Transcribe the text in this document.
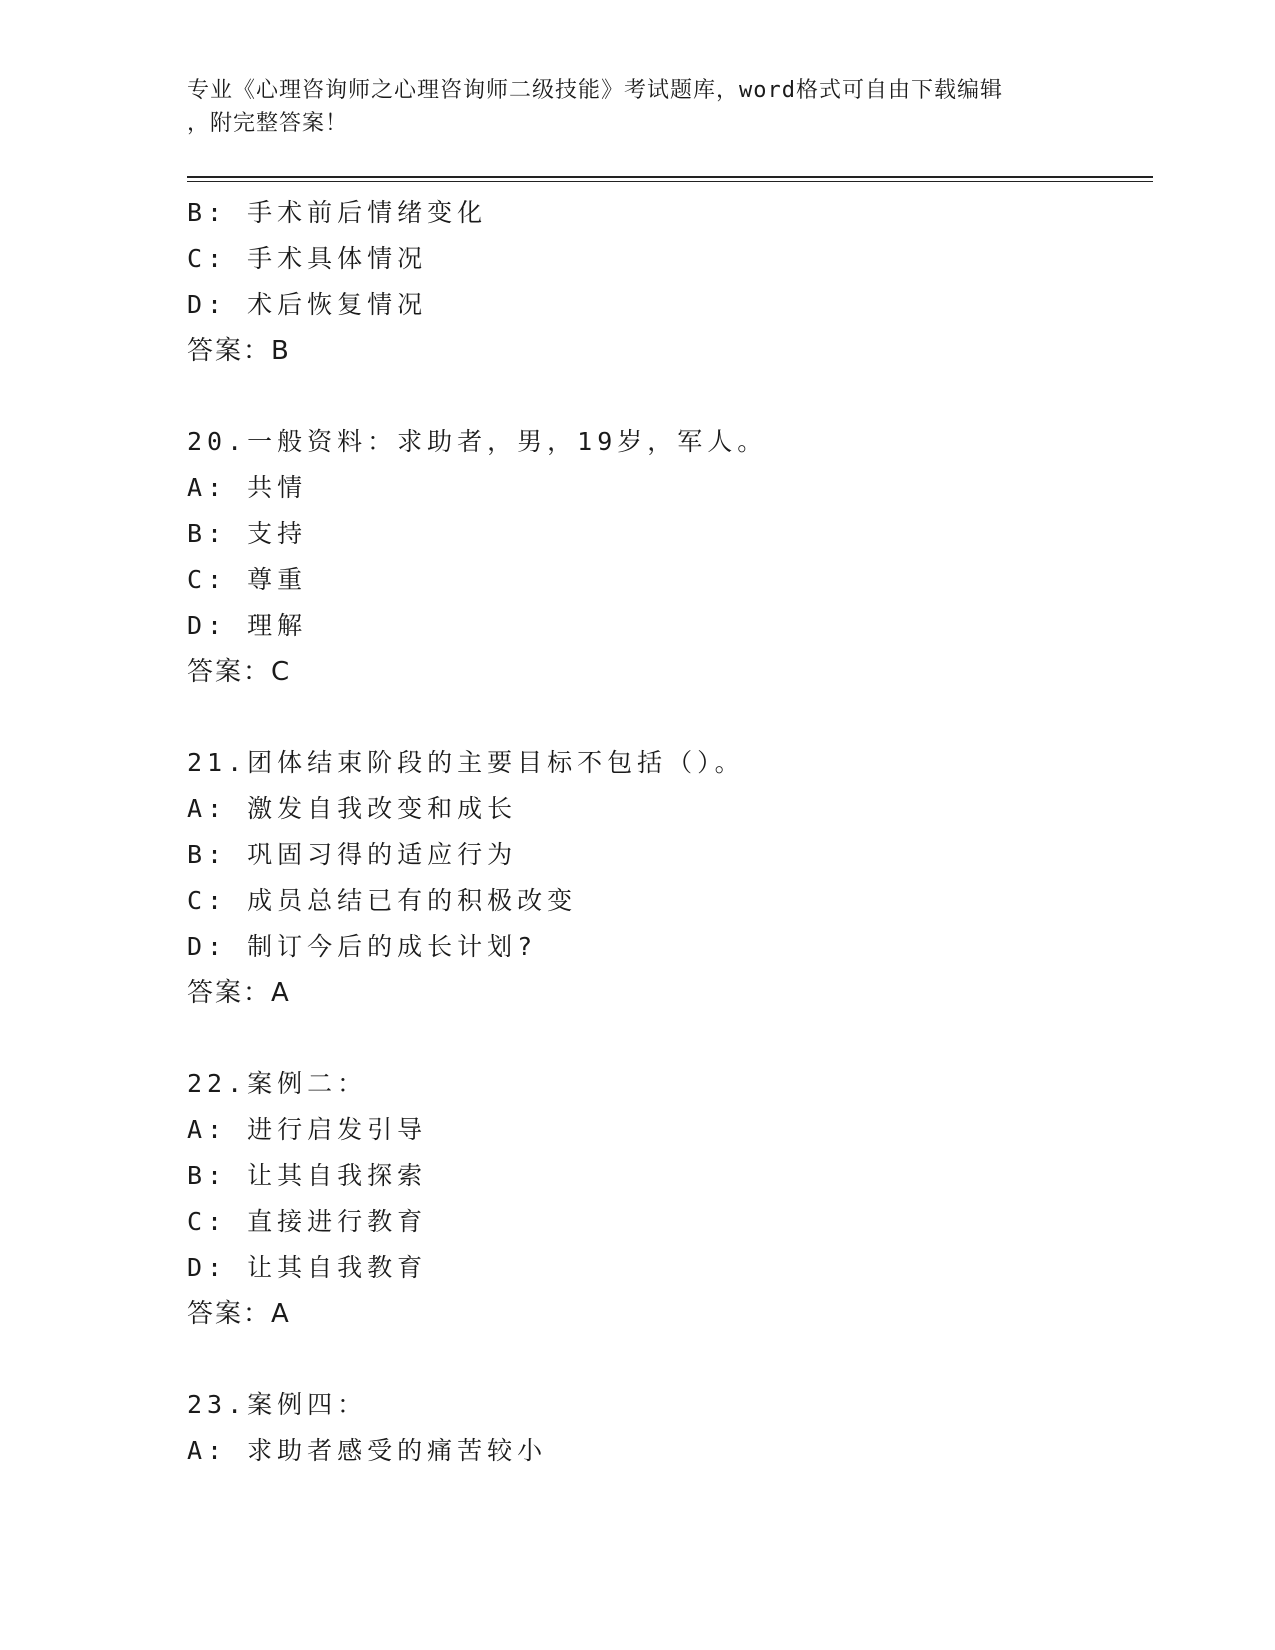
专业《心理咨询师之心理咨询师二级技能》考试题库，word格式可自由下载编辑
，附完整答案！
B: 手术前后情绪变化
C: 手术具体情况
D: 术后恢复情况
答案：B
20.一般资料：求助者，男，19岁，军人。
A: 共情
B: 支持
C: 尊重
D: 理解
答案：C
21.团体结束阶段的主要目标不包括（）。
A: 激发自我改变和成长
B: 巩固习得的适应行为
C: 成员总结已有的积极改变
D: 制订今后的成长计划?
答案：A
22.案例二：
A: 进行启发引导
B: 让其自我探索
C: 直接进行教育
D: 让其自我教育
答案：A
23.案例四：
A: 求助者感受的痛苦较小
